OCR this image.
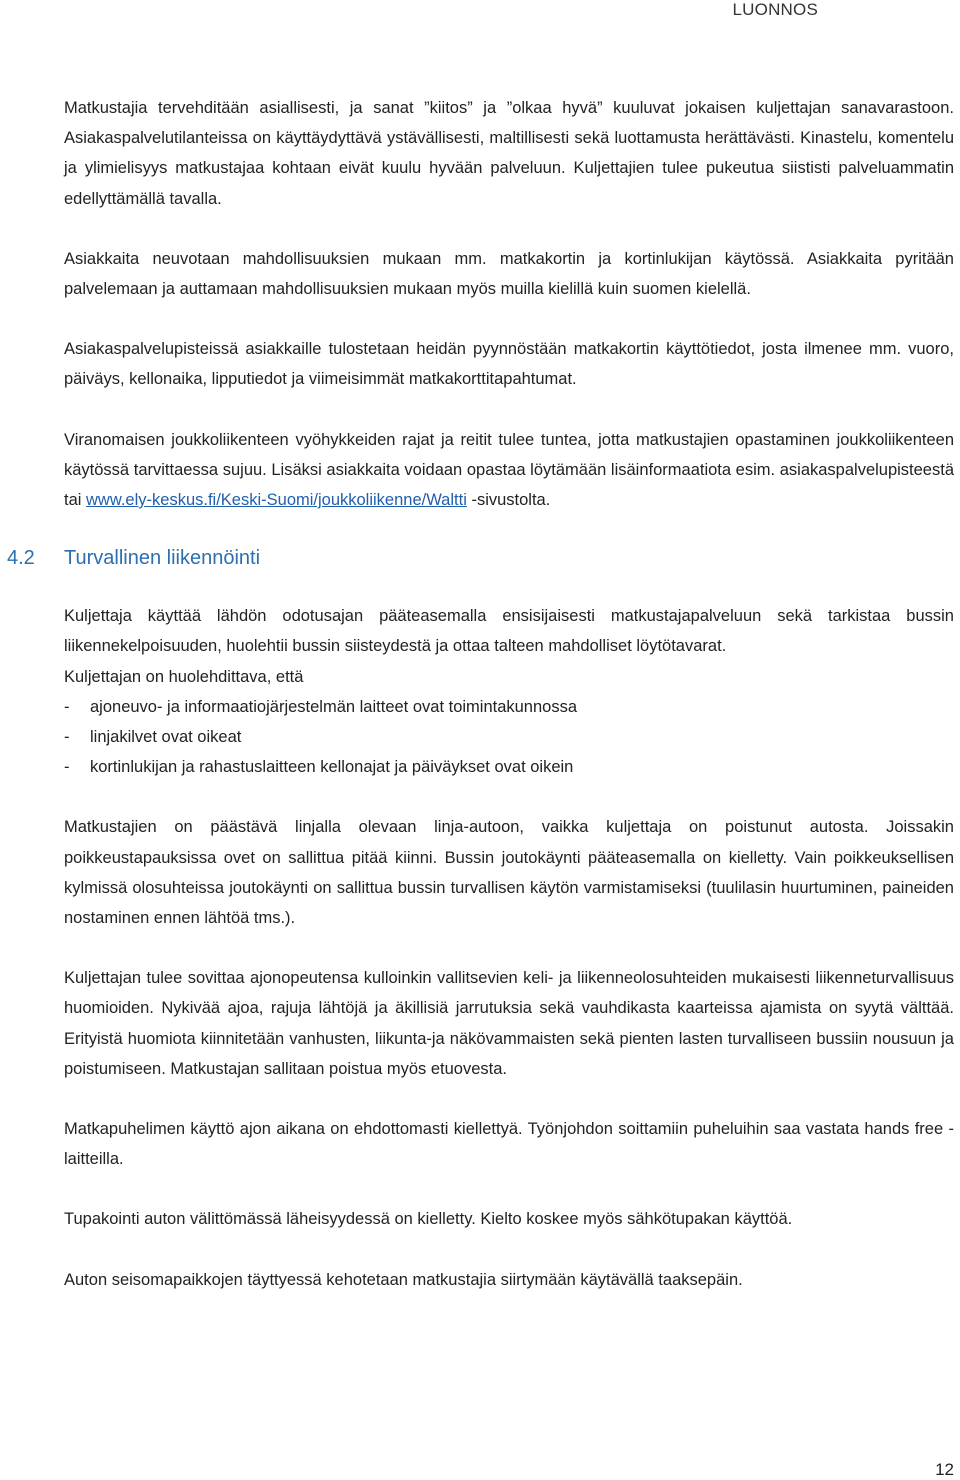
LUONNOS

Matkustajia tervehditään asiallisesti, ja sanat ”kiitos” ja ”olkaa hyvä” kuuluvat jokaisen kuljettajan sanavarastoon. Asiakaspalvelutilanteissa on käyttäydyttävä ystävällisesti, maltillisesti sekä luottamusta herättävästi. Kinastelu, komentelu ja ylimielisyys matkustajaa kohtaan eivät kuulu hyvään palveluun. Kuljettajien tulee pukeutua siististi palveluammatin edellyttämällä tavalla.

Asiakkaita neuvotaan mahdollisuuksien mukaan mm. matkakortin ja kortinlukijan käytössä. Asiakkaita pyritään palvelemaan ja auttamaan mahdollisuuksien mukaan myös muilla kielillä kuin suomen kielellä.

Asiakaspalvelupisteissä asiakkaille tulostetaan heidän pyynnöstään matkakortin käyttötiedot, josta ilmenee mm. vuoro, päiväys, kellonaika, lipputiedot ja viimeisimmät matkakorttitapahtumat.

Viranomaisen joukkoliikenteen vyöhykkeiden rajat ja reitit tulee tuntea, jotta matkustajien opastaminen joukkoliikenteen käytössä tarvittaessa sujuu. Lisäksi asiakkaita voidaan opastaa löytämään lisäinformaatiota esim. asiakaspalvelupisteestä tai www.ely-keskus.fi/Keski-Suomi/joukkoliikenne/Waltti -sivustolta.

4.2 Turvallinen liikennöinti

Kuljettaja käyttää lähdön odotusajan pääteasemalla ensisijaisesti matkustajapalveluun sekä tarkistaa bussin liikennekelpoisuuden, huolehtii bussin siisteydestä ja ottaa talteen mahdolliset löytötavarat.

Kuljettajan on huolehdittava, että

- ajoneuvo- ja informaatiojärjestelmän laitteet ovat toimintakunnossa
- linjakilvet ovat oikeat
- kortinlukijan ja rahastuslaitteen kellonajat ja päiväykset ovat oikein

Matkustajien on päästävä linjalla olevaan linja-autoon, vaikka kuljettaja on poistunut autosta. Joissakin poikkeustapauksissa ovet on sallittua pitää kiinni. Bussin joutokäynti pääteasemalla on kielletty. Vain poikkeuksellisen kylmissä olosuhteissa joutokäynti on sallittua bussin turvallisen käytön varmistamiseksi (tuulilasin huurtuminen, paineiden nostaminen ennen lähtöä tms.).

Kuljettajan tulee sovittaa ajonopeutensa kulloinkin vallitsevien keli- ja liikenneolosuhteiden mukaisesti liikenneturvallisuus huomioiden. Nykivää ajoa, rajuja lähtöjä ja äkillisiä jarrutuksia sekä vauhdikasta kaarteissa ajamista on syytä välttää. Erityistä huomiota kiinnitetään vanhusten, liikunta-ja näkövammaisten sekä pienten lasten turvalliseen bussiin nousuun ja poistumiseen. Matkustajan sallitaan poistua myös etuovesta.

Matkapuhelimen käyttö ajon aikana on ehdottomasti kiellettyä. Työnjohdon soittamiin puheluihin saa vastata hands free -laitteilla.

Tupakointi auton välittömässä läheisyydessä on kielletty. Kielto koskee myös sähkötupakan käyttöä.

Auton seisomapaikkojen täyttyessä kehotetaan matkustajia siirtymään käytävällä taaksepäin.

12
